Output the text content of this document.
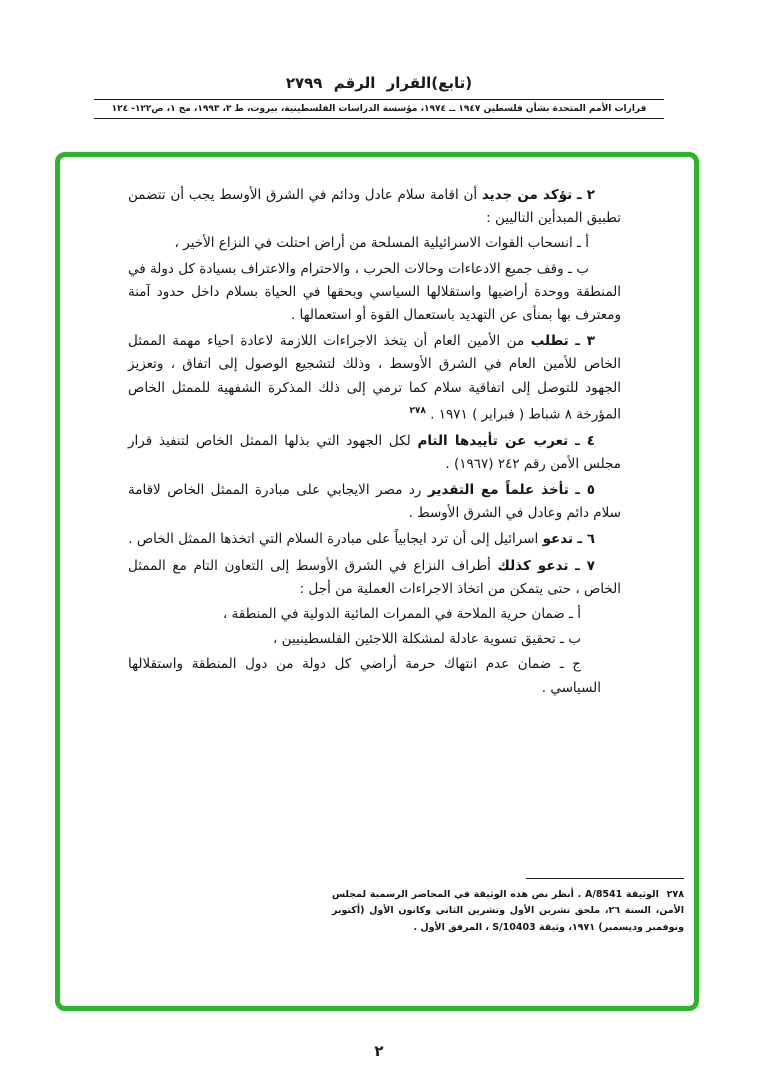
(تابع)القرار الرقم ٢٧٩٩
قرارات الأمم المتحدة بشأن فلسطين ١٩٤٧ ــ ١٩٧٤، مؤسسة الدراسات الفلسطينية، بيروت، ط ٣، ١٩٩٣، مج ١، ص١٢٢- ١٢٤

٢ ـ تؤكد من جديد أن اقامة سلام عادل ودائم في الشرق الأوسط يجب أن تتضمن تطبيق المبدأين التاليين :

أ ـ انسحاب القوات الاسرائيلية المسلحة من أراض احتلت في النزاع الأخير ،

ب ـ وقف جميع الادعاءات وحالات الحرب ، والاحترام والاعتراف بسيادة كل دولة في المنطقة ووحدة أراضيها واستقلالها السياسي وبحقها في الحياة بسلام داخل حدود آمنة ومعترف بها بمنأى عن التهديد باستعمال القوة أو استعمالها .

٣ ـ تطلب من الأمين العام أن يتخذ الاجراءات اللازمة لاعادة احياء مهمة الممثل الخاص للأمين العام في الشرق الأوسط ، وذلك لتشجيع الوصول إلى اتفاق ، وتعزيز الجهود للتوصل إلى اتفاقية سلام كما ترمي إلى ذلك المذكرة الشفهية للممثل الخاص المؤرخة ٨ شباط ( فبراير ) ١٩٧١ . $^{٢٧٨}$

٤ ـ تعرب عن تأييدها التام لكل الجهود التي بذلها الممثل الخاص لتنفيذ قرار مجلس الأمن رقم ٢٤٢ (١٩٦٧) .

٥ ـ تأخذ علماً مع التقدير رد مصر الايجابي على مبادرة الممثل الخاص لاقامة سلام دائم وعادل في الشرق الأوسط .

٦ ـ تدعو اسرائيل إلى أن ترد ايجابياً على مبادرة السلام التي اتخذها الممثل الخاص .

٧ ـ تدعو كذلك أطراف النزاع في الشرق الأوسط إلى التعاون التام مع الممثل الخاص ، حتى يتمكن من اتخاذ الاجراءات العملية من أجل :

أ ـ ضمان حرية الملاحة في الممرات المائية الدولية في المنطقة ،

ب ـ تحقيق تسوية عادلة لمشكلة اللاجئين الفلسطينيين ،

ج ـ ضمان عدم انتهاك حرمة أراضي كل دولة من دول المنطقة واستقلالها السياسي .

٢٧٨ الوثيقة A/8541 . أنظر نص هذه الوثيقة في المحاضر الرسمية لمجلس الأمن، السنة ٢٦، ملحق تشرين الأول وتشرين الثاني وكانون الأول (أكتوبر ونوفمبر وديسمبر) ١٩٧١، وثيقة S/10403 ، المرفق الأول .
٢
